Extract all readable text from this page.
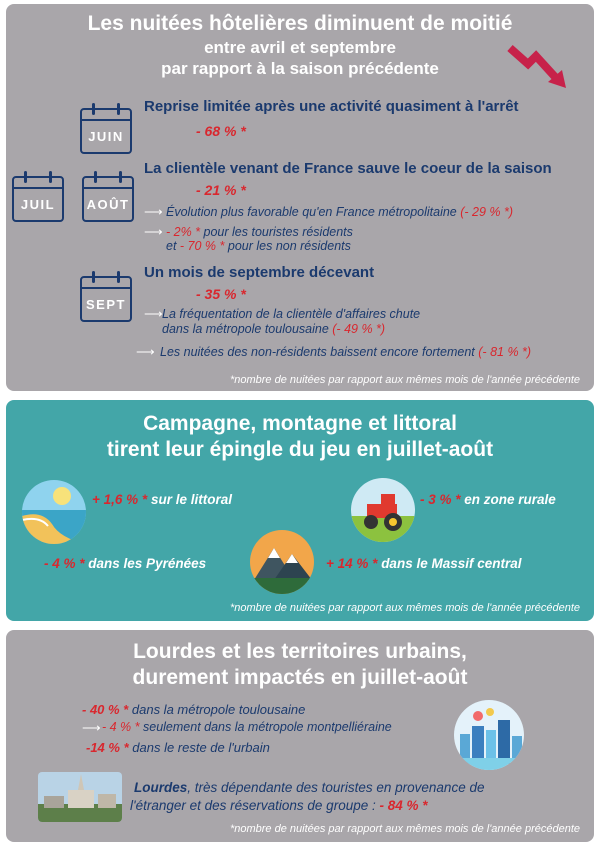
Les nuitées hôtelières diminuent de moitié
entre avril et septembre
par rapport à la saison précédente
JUIN
Reprise limitée après une activité quasiment à l'arrêt
- 68 % *
JUIL	AOÛT
La clientèle venant de France sauve le coeur de la saison
- 21 % *
⟶ Évolution plus favorable qu'en France métropolitaine (- 29 % *)
⟶ - 2% * pour les touristes résidents
et - 70 % * pour les non résidents
SEPT
Un mois de septembre décevant
- 35 % *
⟶ La fréquentation de la clientèle d'affaires chute
dans la métropole toulousaine (- 49 % *)
⟶ Les nuitées des non-résidents baissent encore fortement (- 81 % *)
*nombre de nuitées par rapport aux mêmes mois de l'année précédente
Campagne, montagne et littoral
tirent leur épingle du jeu en juillet-août
+ 1,6 % * sur le littoral	- 3 % * en zone rurale
- 4 % * dans les Pyrénées	+ 14 % * dans le Massif central
*nombre de nuitées par rapport aux mêmes mois de l'année précédente
Lourdes et les territoires urbains,
durement impactés en juillet-août
- 40 % * dans la métropole toulousaine
⟶ - 4 % * seulement dans la métropole montpelliéraine
-14 % * dans le reste de l'urbain
Lourdes, très dépendante des touristes en provenance de
l'étranger et des réservations de groupe : - 84 % *
*nombre de nuitées par rapport aux mêmes mois de l'année précédente
